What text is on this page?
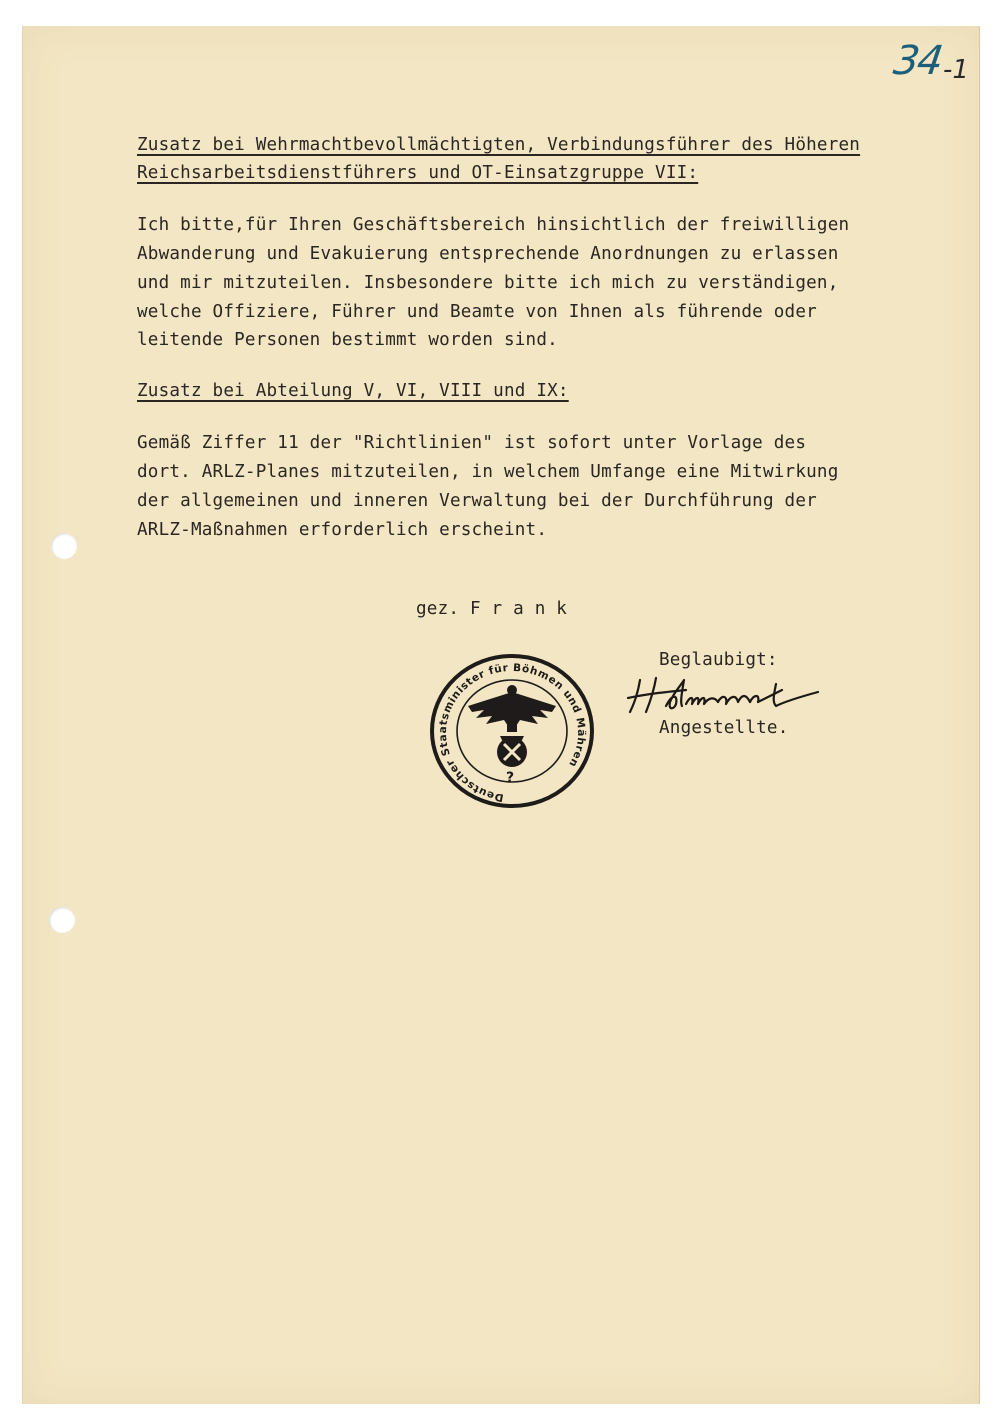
34
-1

Zusatz bei Wehrmachtbevollmächtigten, Verbindungsführer des Höheren

Reichsarbeitsdienstführers und OT-Einsatzgruppe VII:

Ich bitte,für Ihren Geschäftsbereich hinsichtlich der freiwilligen

Abwanderung und Evakuierung entsprechende Anordnungen zu erlassen

und mir mitzuteilen. Insbesondere bitte ich mich zu verständigen,

welche Offiziere, Führer und Beamte von Ihnen als führende oder

leitende Personen bestimmt worden sind.

Zusatz bei Abteilung V, VI, VIII und IX:

Gemäß Ziffer 11 der "Richtlinien" ist sofort unter Vorlage des

dort. ARLZ-Planes mitzuteilen, in welchem Umfange eine Mitwirkung

der allgemeinen und inneren Verwaltung bei der Durchführung der

ARLZ-Maßnahmen erforderlich erscheint.

gez. F r a n k

Beglaubigt:

Angestellte.

Deutscher Staatsminister für Böhmen und Mähren
?
